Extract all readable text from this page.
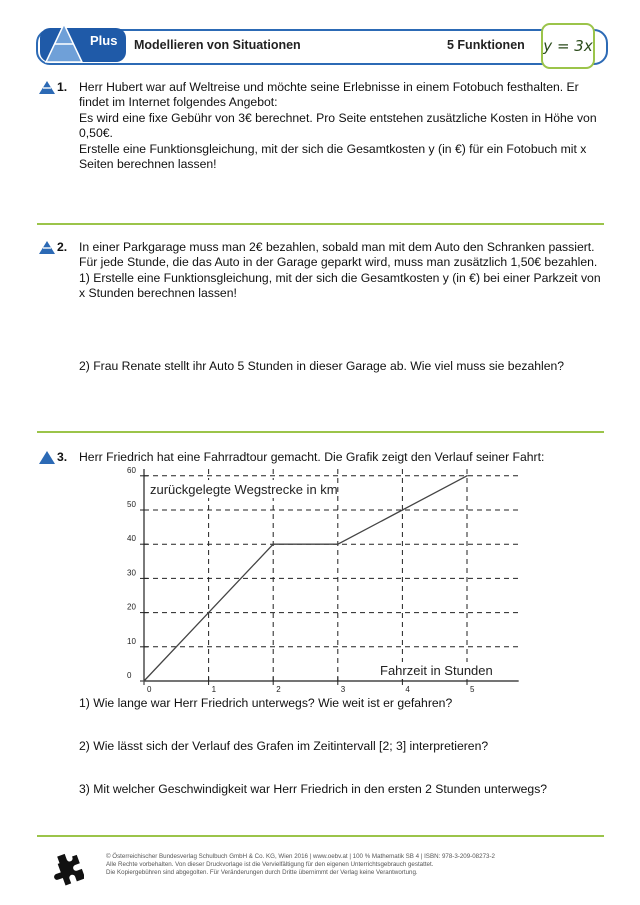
Plus Modellieren von Situationen	5 Funktionen y = 3x
1. Herr Hubert war auf Weltreise und möchte seine Erlebnisse in einem Fotobuch festhalten. Er findet im Internet folgendes Angebot:

Es wird eine fixe Gebühr von 3€ berechnet. Pro Seite entstehen zusätzliche Kosten in Höhe von 0,50€.

Erstelle eine Funktionsgleichung, mit der sich die Gesamtkosten y (in €) für ein Fotobuch mit x Seiten berechnen lassen!

2. In einer Parkgarage muss man 2€ bezahlen, sobald man mit dem Auto den Schranken passiert. Für jede Stunde, die das Auto in der Garage geparkt wird, muss man zusätzlich 1,50€ bezahlen.

1) Erstelle eine Funktionsgleichung, mit der sich die Gesamtkosten y (in €) bei einer Parkzeit von x Stunden berechnen lassen!

2) Frau Renate stellt ihr Auto 5 Stunden in dieser Garage ab. Wie viel muss sie bezahlen?
3. Herr Friedrich hat eine Fahrradtour gemacht. Die Grafik zeigt den Verlauf seiner Fahrt:

0
10
20
30
40
50
60
0	1	2	3	4	5
zurückgelegte Wegstrecke in km
Fahrzeit in Stunden
1) Wie lange war Herr Friedrich unterwegs? Wie weit ist er gefahren?
2) Wie lässt sich der Verlauf des Grafen im Zeitintervall [2; 3] interpretieren?
3) Mit welcher Geschwindigkeit war Herr Friedrich in den ersten 2 Stunden unterwegs?

© Österreichischer Bundesverlag Schulbuch GmbH & Co. KG, Wien 2016 | www.oebv.at | 100 % Mathematik SB 4 | ISBN: 978-3-209-08273-2

Alle Rechte vorbehalten. Von dieser Druckvorlage ist die Vervielfältigung für den eigenen Unterrichtsgebrauch gestattet.

Die Kopiergebühren sind abgegolten. Für Veränderungen durch Dritte übernimmt der Verlag keine Verantwortung.
